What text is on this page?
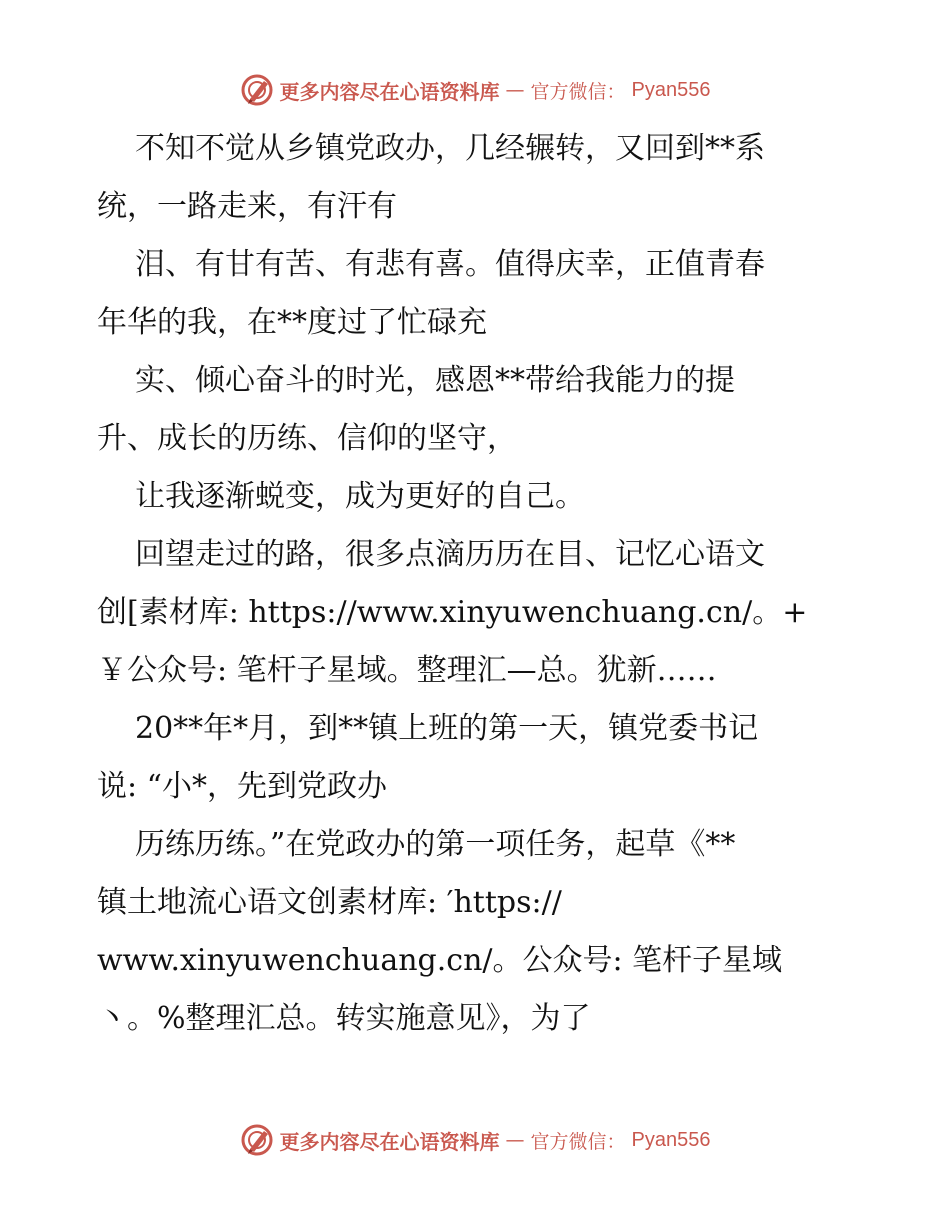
更多内容尽在心语资料库 — 官方微信： Pyan556
不知不觉从乡镇党政办，几经辗转，又回到**系
统，一路走来，有汗有
泪、有甘有苦、有悲有喜。值得庆幸，正值青春
年华的我，在**度过了忙碌充
实、倾心奋斗的时光，感恩**带给我能力的提
升、成长的历练、信仰的坚守，
让我逐渐蜕变，成为更好的自己。
回望走过的路，很多点滴历历在目、记忆心语文
创[素材库: https://www.xinyuwenchuang.cn/。+
￥公众号: 笔杆子星域。整理汇—总。犹新……
20**年*月，到**镇上班的第一天，镇党委书记
说: “小*，先到党政办
历练历练。”在党政办的第一项任务，起草《**
镇土地流心语文创素材库: ′https://
www.xinyuwenchuang.cn/。公众号: 笔杆子星域
丶。%整理汇总。转实施意见》，为了
更多内容尽在心语资料库 — 官方微信： Pyan556
